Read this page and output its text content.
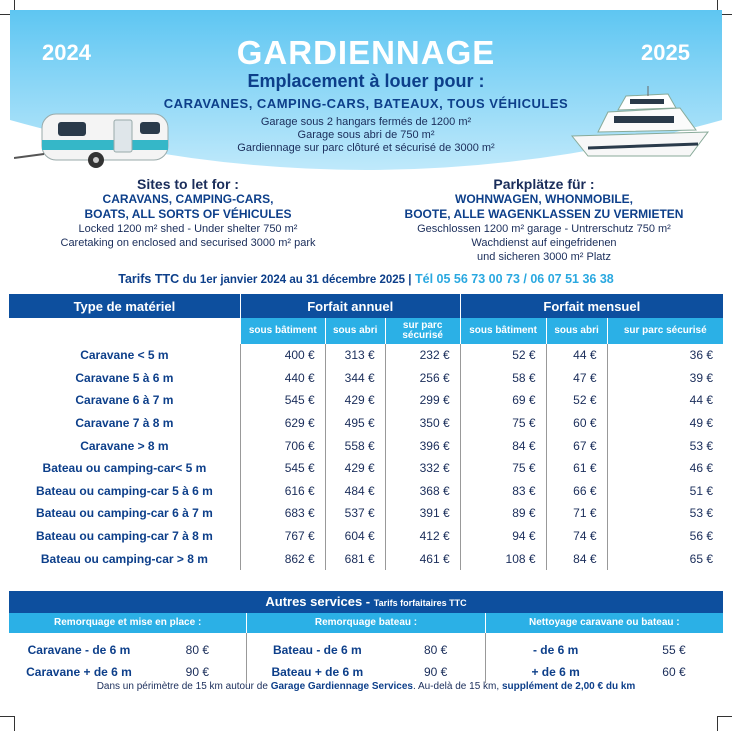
2024	2025
GARDIENNAGE
Emplacement à louer pour :
CARAVANES, CAMPING-CARS, BATEAUX, TOUS VÉHICULES
Garage sous 2 hangars fermés de 1200 m²
Garage sous abri de 750 m²
Gardiennage sur parc clôturé et sécurisé de 3000 m²
Sites to let for :
CARAVANS, CAMPING-CARS,
BOATS, ALL SORTS OF VÉHICULES
Locked 1200 m² shed - Under shelter 750 m²
Caretaking on enclosed and securised 3000 m² park
Parkplätze für :
WOHNWAGEN, WHONMOBILE,
BOOTE, ALLE WAGENKLASSEN ZU VERMIETEN
Geschlossen 1200 m² garage - Untrerschutz 750 m²
Wachdienst auf eingefridenen
und sicheren 3000 m² Platz
Tarifs TTC du 1er janvier 2024 au 31 décembre 2025 | Tél 05 56 73 00 73 / 06 07 51 36 38
Type de matériel	Forfait annuel			Forfait mensuel		
	sous bâtiment	sous abri	sur parc sécurisé	sous bâtiment	sous abri	sur parc sécurisé
Caravane < 5 m	400 €	313 €	232 €	52 €	44 €	36 €
Caravane 5 à 6 m	440 €	344 €	256 €	58 €	47 €	39 €
Caravane 6 à 7 m	545 €	429 €	299 €	69 €	52 €	44 €
Caravane 7 à 8 m	629 €	495 €	350 €	75 €	60 €	49 €
Caravane > 8 m	706 €	558 €	396 €	84 €	67 €	53 €
Bateau ou camping-car< 5 m	545 €	429 €	332 €	75 €	61 €	46 €
Bateau ou camping-car 5 à 6 m	616 €	484 €	368 €	83 €	66 €	51 €
Bateau ou camping-car 6 à 7 m	683 €	537 €	391 €	89 €	71 €	53 €
Bateau ou camping-car 7 à 8 m	767 €	604 €	412 €	94 €	74 €	56 €
Bateau ou camping-car > 8 m	862 €	681 €	461 €	108 €	84 €	65 €
Autres services - Tarifs forfaitaires TTC
Remorquage et mise en place :	Remorquage bateau :	Nettoyage caravane ou bateau :
Caravane - de 6 m	80 €
Caravane + de 6 m	90 €
Bateau - de 6 m	80 €
Bateau + de 6 m	90 €
- de 6 m	55 €
+ de 6 m	60 €
Dans un périmètre de 15 km autour de Garage Gardiennage Services. Au-delà de 15 km, supplément de 2,00 € du km
